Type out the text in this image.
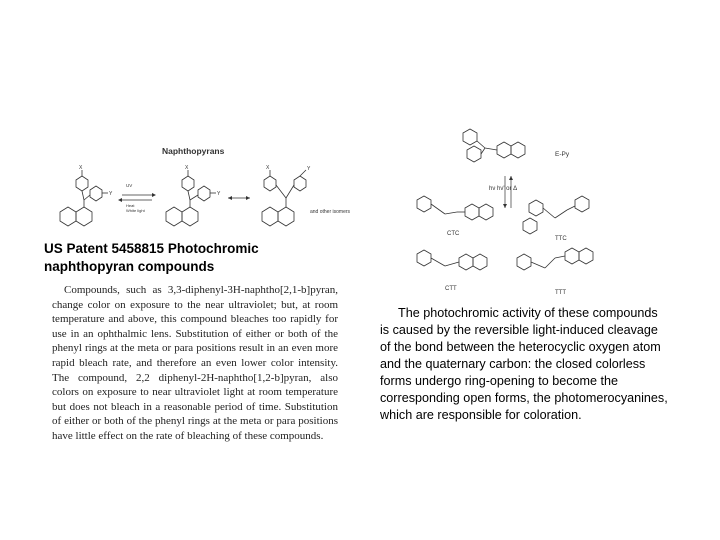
Naphthopyrans
X
Y
UV
Heat
White light
X
Y
X	Y
and other isomers
E-Py
hν hν' or Δ
CTC
TTC
CTT
TTT
US Patent 5458815 Photochromic naphthopyran compounds
Compounds, such as 3,3-diphenyl-3H-naphtho[2,1-b]pyran, change color on exposure to the near ultraviolet; but, at room temperature and above, this compound bleaches too rapidly for use in an ophthalmic lens. Substitution of either or both of the phenyl rings at the meta or para positions result in an even more rapid bleach rate, and therefore an even lower color intensity. The compound, 2,2 diphenyl-2H-naphtho[1,2-b]pyran, also colors on exposure to near ultraviolet light at room temperature but does not bleach in a reasonable period of time. Substitution of either or both of the phenyl rings at the meta or para positions have little effect on the rate of bleaching of these compounds.
The photochromic activity of these compounds is caused by the reversible light-induced cleavage of the bond between the heterocyclic oxygen atom and the quaternary carbon: the closed colorless forms undergo ring-opening to become the corresponding open forms, the photomerocyanines, which are responsible for coloration.
